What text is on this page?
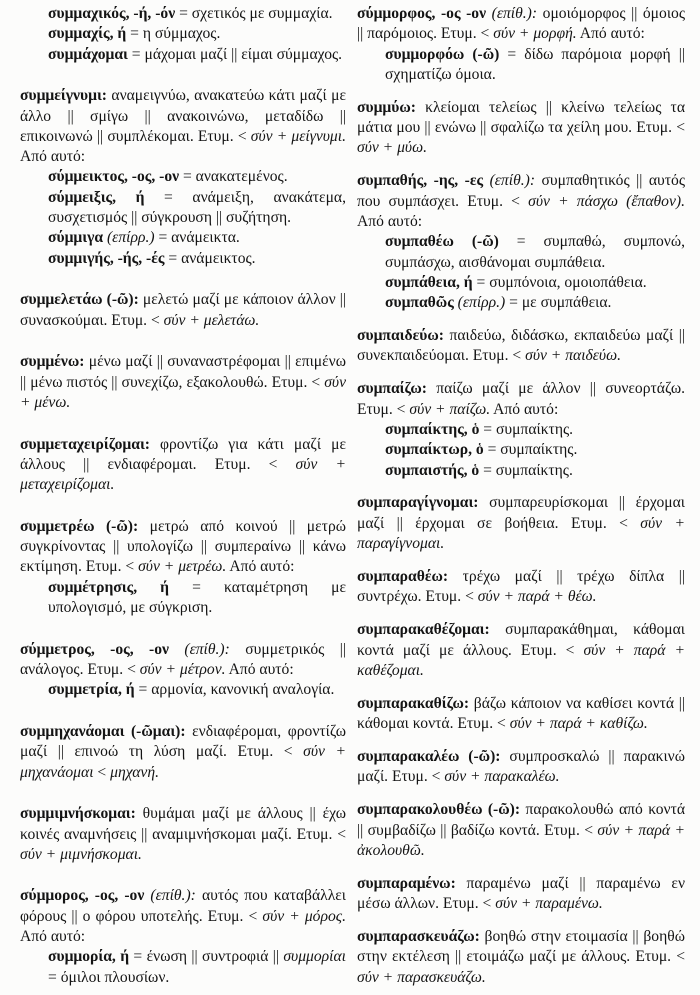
συμμαχικός, -ή, -όν = σχετικός με συμμαχία.
συμμαχίς, ή = η σύμμαχος.
συμμάχομαι = μάχομαι μαζί || είμαι σύμμαχος.
συμμείγνυμι: αναμειγνύω, ανακατεύω κάτι μαζί με άλλο || σμίγω || ανακοινώνω, μεταδίδω || επικοινωνώ || συμπλέκομαι. Ετυμ. < σύν + μείγνυμι. Από αυτό:
σύμμεικτος, -ος, -ον = ανακατεμένος.
σύμμειξις, ή = ανάμειξη, ανακάτεμα, συσχετισμός || σύγκρουση || συζήτηση.
σύμμιγα (επίρρ.) = ανάμεικτα.
συμμιγής, -ής, -ές = ανάμεικτος.
συμμελετάω (-ῶ): μελετώ μαζί με κάποιον άλλον || συνασκούμαι. Ετυμ. < σύν + μελετάω.
συμμένω: μένω μαζί || συναναστρέφομαι || επιμένω || μένω πιστός || συνεχίζω, εξακολουθώ. Ετυμ. < σύν + μένω.
συμμεταχειρίζομαι: φροντίζω για κάτι μαζί με άλλους || ενδιαφέρομαι. Ετυμ. < σύν + μεταχειρίζομαι.
συμμετρέω (-ῶ): μετρώ από κοινού || μετρώ συγκρίνοντας || υπολογίζω || συμπεραίνω || κάνω εκτίμηση. Ετυμ. < σύν + μετρέω. Από αυτό:
συμμέτρησις, ή = καταμέτρηση με υπολογισμό, με σύγκριση.
σύμμετρος, -ος, -ον (επίθ.): συμμετρικός || ανάλογος. Ετυμ. < σύν + μέτρον. Από αυτό:
συμμετρία, ή = αρμονία, κανονική αναλογία.
συμμηχανάομαι (-ῶμαι): ενδιαφέρομαι, φροντίζω μαζί || επινοώ τη λύση μαζί. Ετυμ. < σύν + μηχανάομαι < μηχανή.
συμμιμνήσκομαι: θυμάμαι μαζί με άλλους || έχω κοινές αναμνήσεις || αναμιμνήσκομαι μαζί. Ετυμ. < σύν + μιμνήσκομαι.
σύμμορος, -ος, -ον (επίθ.): αυτός που καταβάλλει φόρους || ο φόρου υποτελής. Ετυμ. < σύν + μόρος. Από αυτό:
συμμορία, ή = ένωση || συντροφιά || συμμορίαι = όμιλοι πλουσίων.
σύμμορφος, -ος -ον (επίθ.): ομοιόμορφος || όμοιος || παρόμοιος. Ετυμ. < σύν + μορφή. Από αυτό:
συμμορφόω (-ῶ) = δίδω παρόμοια μορφή || σχηματίζω όμοια.
συμμύω: κλείομαι τελείως || κλείνω τελείως τα μάτια μου || ενώνω || σφαλίζω τα χείλη μου. Ετυμ. < σύν + μύω.
συμπαθής, -ης, -ες (επίθ.): συμπαθητικός || αυτός που συμπάσχει. Ετυμ. < σύν + πάσχω (ἔπαθον). Από αυτό:
συμπαθέω (-ῶ) = συμπαθώ, συμπονώ, συμπάσχω, αισθάνομαι συμπάθεια.
συμπάθεια, ή = συμπόνοια, ομοιοπάθεια.
συμπαθῶς (επίρρ.) = με συμπάθεια.
συμπαιδεύω: παιδεύω, διδάσκω, εκπαιδεύω μαζί || συνεκπαιδεύομαι. Ετυμ. < σύν + παιδεύω.
συμπαίζω: παίζω μαζί με άλλον || συνεορτάζω. Ετυμ. < σύν + παίζω. Από αυτό:
συμπαίκτης, ὁ = συμπαίκτης.
συμπαίκτωρ, ὁ = συμπαίκτης.
συμπαιστής, ὁ = συμπαίκτης.
συμπαραγίγνομαι: συμπαρευρίσκομαι || έρχομαι μαζί || έρχομαι σε βοήθεια. Ετυμ. < σύν + παραγίγνομαι.
συμπαραθέω: τρέχω μαζί || τρέχω δίπλα || συντρέχω. Ετυμ. < σύν + παρά + θέω.
συμπαρακαθέζομαι: συμπαρακάθημαι, κάθομαι κοντά μαζί με άλλους. Ετυμ. < σύν + παρά + καθέζομαι.
συμπαρακαθίζω: βάζω κάποιον να καθίσει κοντά || κάθομαι κοντά. Ετυμ. < σύν + παρά + καθίζω.
συμπαρακαλέω (-ῶ): συμπροσκαλώ || παρακινώ μαζί. Ετυμ. < σύν + παρακαλέω.
συμπαρακολουθέω (-ῶ): παρακολουθώ από κοντά || συμβαδίζω || βαδίζω κοντά. Ετυμ. < σύν + παρά + ἀκολουθῶ.
συμπαραμένω: παραμένω μαζί || παραμένω εν μέσω άλλων. Ετυμ. < σύν + παραμένω.
συμπαρασκευάζω: βοηθώ στην ετοιμασία || βοηθώ στην εκτέλεση || ετοιμάζω μαζί με άλλους. Ετυμ. < σύν + παρασκευάζω.
